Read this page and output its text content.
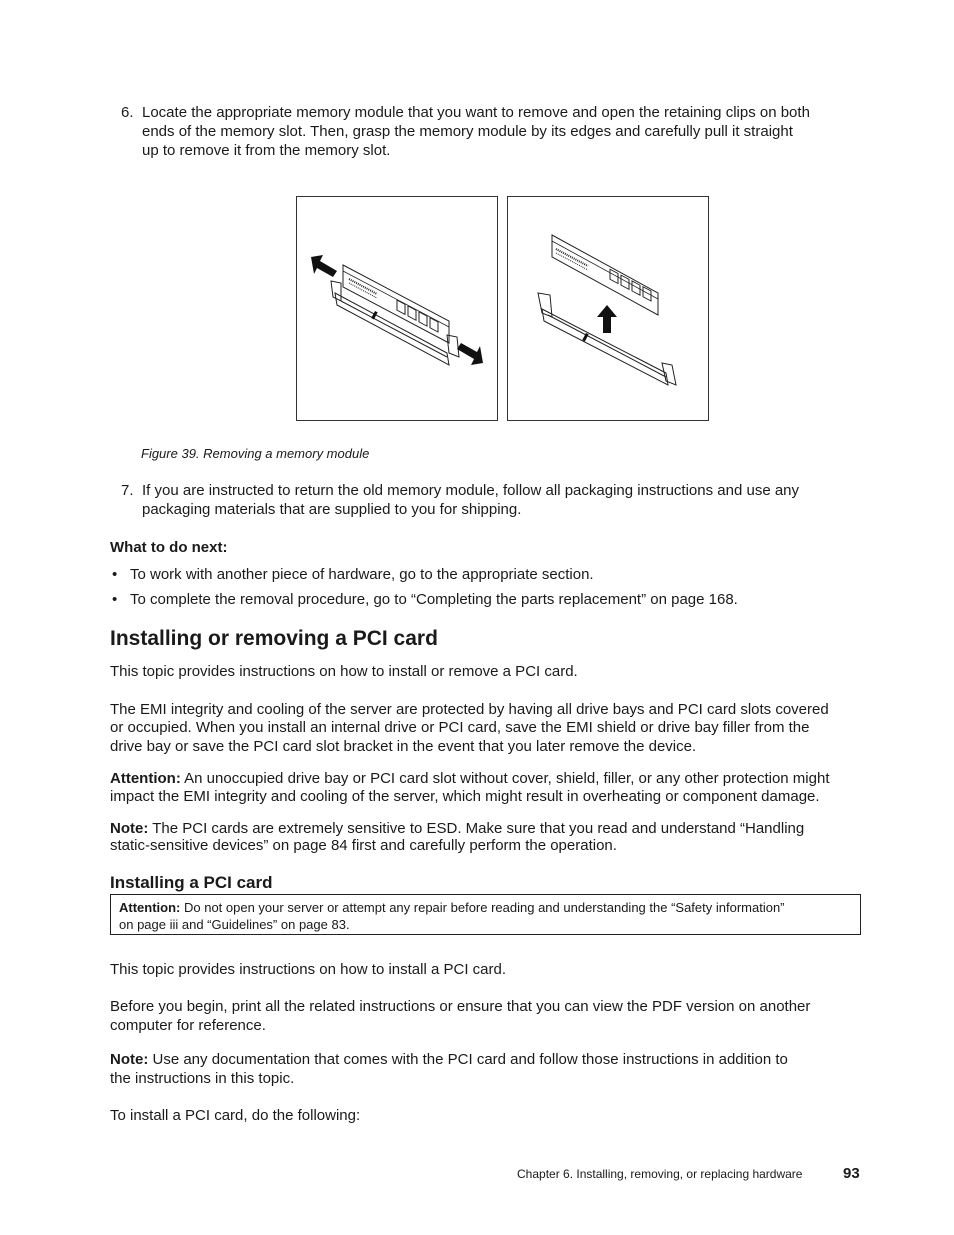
6. Locate the appropriate memory module that you want to remove and open the retaining clips on both
ends of the memory slot. Then, grasp the memory module by its edges and carefully pull it straight
up to remove it from the memory slot.
Figure 39. Removing a memory module
7. If you are instructed to return the old memory module, follow all packaging instructions and use any
packaging materials that are supplied to you for shipping.
What to do next:
• To work with another piece of hardware, go to the appropriate section.
• To complete the removal procedure, go to “Completing the parts replacement” on page 168.
Installing or removing a PCI card
This topic provides instructions on how to install or remove a PCI card.
The EMI integrity and cooling of the server are protected by having all drive bays and PCI card slots covered
or occupied. When you install an internal drive or PCI card, save the EMI shield or drive bay filler from the
drive bay or save the PCI card slot bracket in the event that you later remove the device.
Attention: An unoccupied drive bay or PCI card slot without cover, shield, filler, or any other protection might
impact the EMI integrity and cooling of the server, which might result in overheating or component damage.
Note: The PCI cards are extremely sensitive to ESD. Make sure that you read and understand “Handling
static-sensitive devices” on page 84 first and carefully perform the operation.
Installing a PCI card
Attention: Do not open your server or attempt any repair before reading and understanding the “Safety information”
on page iii and “Guidelines” on page 83.
This topic provides instructions on how to install a PCI card.
Before you begin, print all the related instructions or ensure that you can view the PDF version on another
computer for reference.
Note: Use any documentation that comes with the PCI card and follow those instructions in addition to
the instructions in this topic.
To install a PCI card, do the following:
Chapter 6. Installing, removing, or replacing hardware	93
